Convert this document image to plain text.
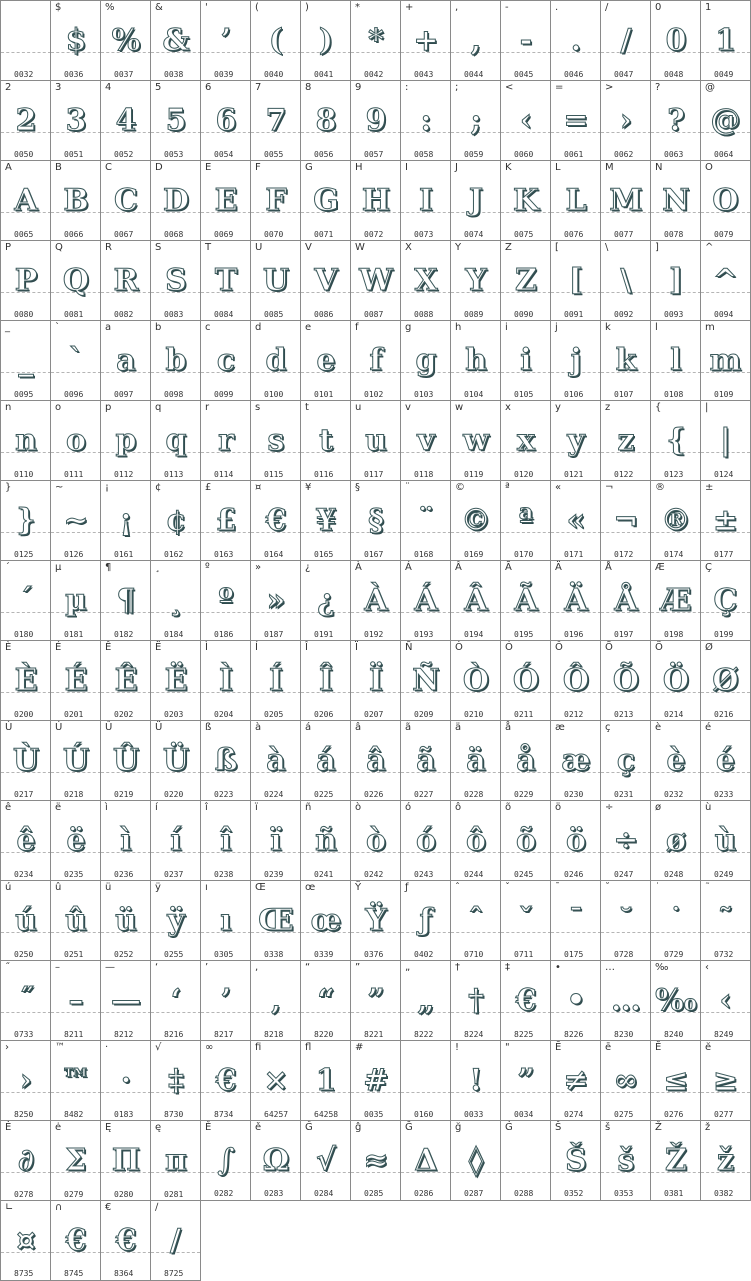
0032
$
$
0036
%
%
0037
&
&
0038
'
’
0039
(
(
0040
)
)
0041
*
*
0042
+
+
0043
,
,
0044
-
-
0045
.
.
0046
/
/
0047
0
0
0048
1
1
0049
2
2
0050
3
3
0051
4
4
0052
5
5
0053
6
6
0054
7
7
0055
8
8
0056
9
9
0057
:
:
0058
;
;
0059
<
‹
0060
=
=
0061
>
›
0062
?
?
0063
@
@
0064
A
A
0065
B
B
0066
C
C
0067
D
D
0068
E
E
0069
F
F
0070
G
G
0071
H
H
0072
I
I
0073
J
J
0074
K
K
0075
L
L
0076
M
M
0077
N
N
0078
O
O
0079
P
P
0080
Q
Q
0081
R
R
0082
S
S
0083
T
T
0084
U
U
0085
V
V
0086
W
W
0087
X
X
0088
Y
Y
0089
Z
Z
0090
[
[
0091
\
\
0092
]
]
0093
^
^
0094
_
_
0095
`
`
0096
a
a
0097
b
b
0098
c
c
0099
d
d
0100
e
e
0101
f
f
0102
g
g
0103
h
h
0104
i
i
0105
j
j
0106
k
k
0107
l
l
0108
m
m
0109
n
n
0110
o
o
0111
p
p
0112
q
q
0113
r
r
0114
s
s
0115
t
t
0116
u
u
0117
v
v
0118
w
w
0119
x
x
0120
y
y
0121
z
z
0122
{
{
0123
|
|
0124
}
}
0125
~
~
0126
¡
¡
0161
¢
¢
0162
£
£
0163
¤
€
0164
¥
¥
0165
§
§
0167
¨
¨
0168
©
©
0169
ª
ª
0170
«
«
0171
¬
¬
0172
®
®
0174
±
±
0177
´
´
0180
µ
µ
0181
¶
¶
0182
¸
¸
0184
º
º
0186
»
»
0187
¿
¿
0191
À
À
0192
Á
Á
0193
Â
Â
0194
Ã
Ã
0195
Ä
Ä
0196
Å
Å
0197
Æ
Æ
0198
Ç
Ç
0199
È
È
0200
É
É
0201
Ê
Ê
0202
Ë
Ë
0203
Ì
Ì
0204
Í
Í
0205
Î
Î
0206
Ï
Ï
0207
Ñ
Ñ
0209
Ò
Ò
0210
Ó
Ó
0211
Ô
Ô
0212
Õ
Õ
0213
Ö
Ö
0214
Ø
Ø
0216
Ù
Ù
0217
Ú
Ú
0218
Û
Û
0219
Ü
Ü
0220
ß
ß
0223
à
à
0224
á
á
0225
â
â
0226
ã
ã
0227
ä
ä
0228
å
å
0229
æ
æ
0230
ç
ç
0231
è
è
0232
é
é
0233
ê
ê
0234
ë
ë
0235
ì
ì
0236
í
í
0237
î
î
0238
ï
ï
0239
ñ
ñ
0241
ò
ò
0242
ó
ó
0243
ô
ô
0244
õ
õ
0245
ö
ö
0246
÷
÷
0247
ø
ø
0248
ù
ù
0249
ú
ú
0250
û
û
0251
ü
ü
0252
ÿ
ÿ
0255
ı
ı
0305
Œ
Œ
0338
œ
œ
0339
Ÿ
Ÿ
0376
ƒ
ƒ
0402
ˆ
ˆ
0710
ˇ
ˇ
0711
¯
¯
0175
˘
˘
0728
˙
˙
0729
˜
˜
0732
˝
˝
0733
–
–
8211
—
—
8212
‘
‘
8216
’
’
8217
,
‚
8218
“
“
8220
”
”
8221
„
„
8222
†
†
8224
‡
€
8225
•
•
8226
…
…
8230
‰
‰
8240
‹
‹
8249
›
›
8250
™
™
8482
·
·
0183
√
‡
8730
∞
€
8734
ﬁ
×
64257
ﬂ
1
64258
#
#
0035	0160
!
!
0033
"
”
0034
Ē
≠
0274
ē
∞
0275
Ĕ
≤
0276
ĕ
≥
0277
Ė
∂
0278
ė
Σ
0279
Ę
Π
0280
ę
π
0281
Ě
∫
0282
ě
Ω
0283
Ĝ
√
0284
ĝ
≈
0285
Ğ
Δ
0286
ğ
◊
0287
Ġ
0288
Š
Š
0352
š
š
0353
Ž
Ž
0381
ž
ž
0382
∟
¤
8735
∩
€
8745
€
€
8364
∕
/
8725
